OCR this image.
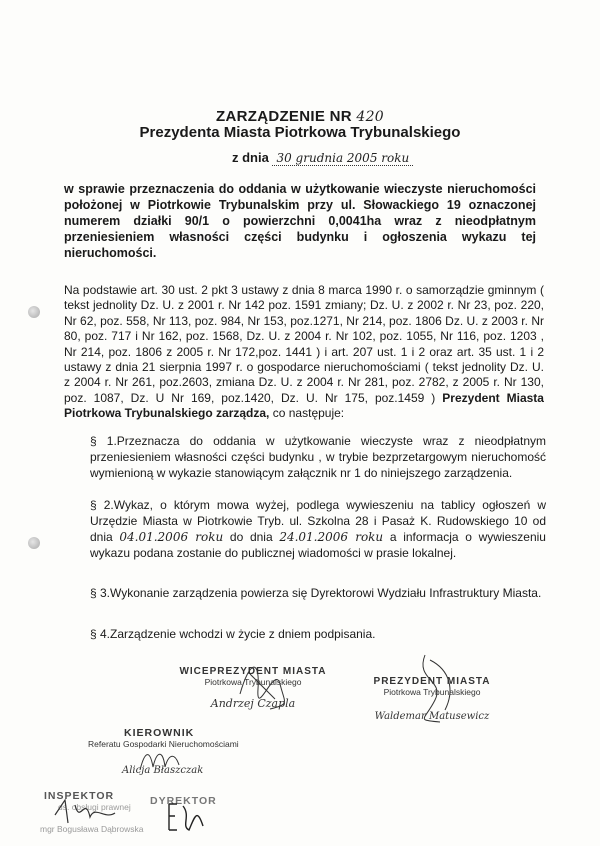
ZARZĄDZENIE NR 420
Prezydenta Miasta Piotrkowa Trybunalskiego
z dnia 30 grudnia 2005 roku
w sprawie przeznaczenia do oddania w użytkowanie wieczyste nieruchomości położonej w Piotrkowie Trybunalskim przy ul. Słowackiego 19 oznaczonej numerem działki 90/1 o powierzchni 0,0041ha wraz z nieodpłatnym przeniesieniem własności części budynku i ogłoszenia wykazu tej nieruchomości.
Na podstawie art. 30 ust. 2 pkt 3 ustawy z dnia 8 marca 1990 r. o samorządzie gminnym ( tekst jednolity Dz. U. z 2001 r. Nr 142 poz. 1591 zmiany; Dz. U. z 2002 r. Nr 23, poz. 220, Nr 62, poz. 558, Nr 113, poz. 984, Nr 153, poz.1271, Nr 214, poz. 1806 Dz. U. z 2003 r. Nr 80, poz. 717 i Nr 162, poz. 1568, Dz. U. z 2004 r. Nr 102, poz. 1055, Nr 116, poz. 1203 , Nr 214, poz. 1806 z 2005 r. Nr 172,poz. 1441 ) i art. 207 ust. 1 i 2 oraz art. 35 ust. 1 i 2 ustawy z dnia 21 sierpnia 1997 r. o gospodarce nieruchomościami ( tekst jednolity Dz. U. z 2004 r. Nr 261, poz.2603, zmiana Dz. U. z 2004 r. Nr 281, poz. 2782, z 2005 r. Nr 130, poz. 1087, Dz. U Nr 169, poz.1420, Dz. U. Nr 175, poz.1459 ) Prezydent Miasta Piotrkowa Trybunalskiego zarządza, co następuje:
§ 1.Przeznacza do oddania w użytkowanie wieczyste wraz z nieodpłatnym przeniesieniem własności części budynku , w trybie bezprzetargowym nieruchomość wymienioną w wykazie stanowiącym załącznik nr 1 do niniejszego zarządzenia.
§ 2.Wykaz, o którym mowa wyżej, podlega wywieszeniu na tablicy ogłoszeń w Urzędzie Miasta w Piotrkowie Tryb. ul. Szkolna 28 i Pasaż K. Rudowskiego 10 od dnia 04.01.2006 roku do dnia 24.01.2006 roku a informacja o wywieszeniu wykazu podana zostanie do publicznej wiadomości w prasie lokalnej.
§ 3.Wykonanie zarządzenia powierza się Dyrektorowi Wydziału Infrastruktury Miasta.
§ 4.Zarządzenie wchodzi w życie z dniem podpisania.
WICEPREZYDENT MIASTA
Piotrkowa Trybunalskiego
Andrzej Czapla
PREZYDENT MIASTA
Piotrkowa Trybunalskiego
Waldemar Matusewicz
KIEROWNIK
Referatu Gospodarki Nieruchomościami
Alicja Błaszczak
INSPEKTOR
ds. obsługi prawnej
mgr Bogusława Dąbrowska
DYREKTOR
